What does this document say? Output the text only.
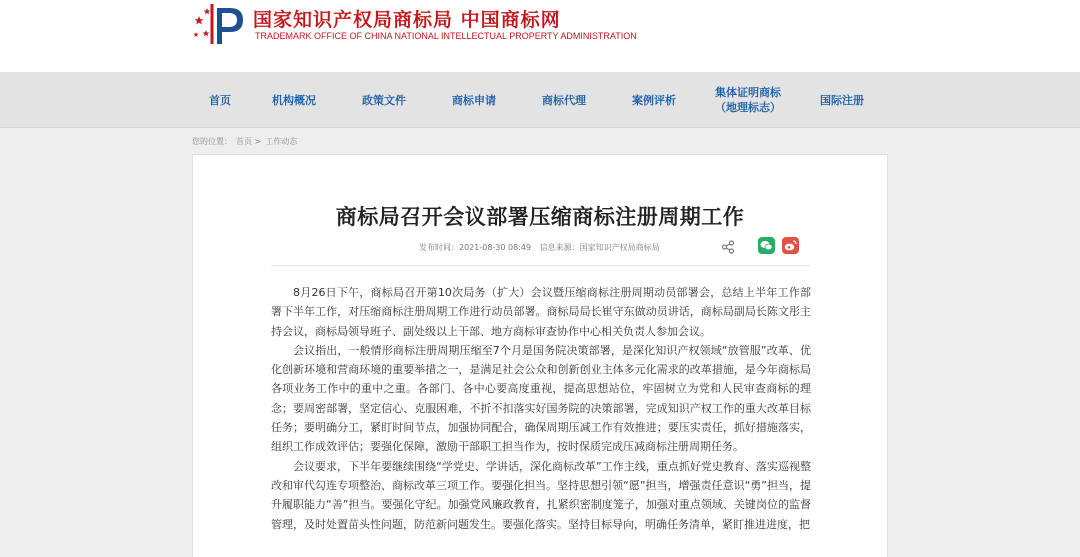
国家知识产权局商标局 中国商标网
TRADEMARK OFFICE OF CHINA NATIONAL INTELLECTUAL PROPERTY ADMINISTRATION
首页	机构概况	政策文件	商标申请	商标代理	案例评析
集体证明商标
（地理标志）
国际注册
您的位置： 首页 > 工作动态
商标局召开会议部署压缩商标注册周期工作
发布时间：2021-08-30 08:49 信息来源：国家知识产权局商标局

8月26日下午，商标局召开第10次局务（扩大）会议暨压缩商标注册周期动员部署会，总结上半年工作部署下半年工作，对压缩商标注册周期工作进行动员部署。商标局局长崔守东做动员讲话，商标局副局长陈文彤主持会议，商标局领导班子、副处级以上干部、地方商标审查协作中心相关负责人参加会议。

会议指出，一般情形商标注册周期压缩至7个月是国务院决策部署，是深化知识产权领域“放管服”改革、优化创新环境和营商环境的重要举措之一，是满足社会公众和创新创业主体多元化需求的改革措施，是今年商标局各项业务工作中的重中之重。各部门、各中心要高度重视，提高思想站位，牢固树立为党和人民审查商标的理念；要周密部署，坚定信心、克服困难，不折不扣落实好国务院的决策部署，完成知识产权工作的重大改革目标任务；要明确分工，紧盯时间节点，加强协同配合，确保周期压减工作有效推进；要压实责任，抓好措施落实，组织工作成效评估；要强化保障，激励干部职工担当作为，按时保质完成压减商标注册周期任务。

会议要求，下半年要继续围绕“学党史、学讲话，深化商标改革”工作主线，重点抓好党史教育、落实巡视整改和审代勾连专项整治、商标改革三项工作。要强化担当。坚持思想引领“愿”担当，增强责任意识“勇”担当，提升履职能力“善”担当。要强化守纪。加强党风廉政教育，扎紧织密制度笼子，加强对重点领域、关键岗位的监督管理，及时处置苗头性问题，防范新问题发生。要强化落实。坚持目标导向，明确任务清单，紧盯推进进度，把
